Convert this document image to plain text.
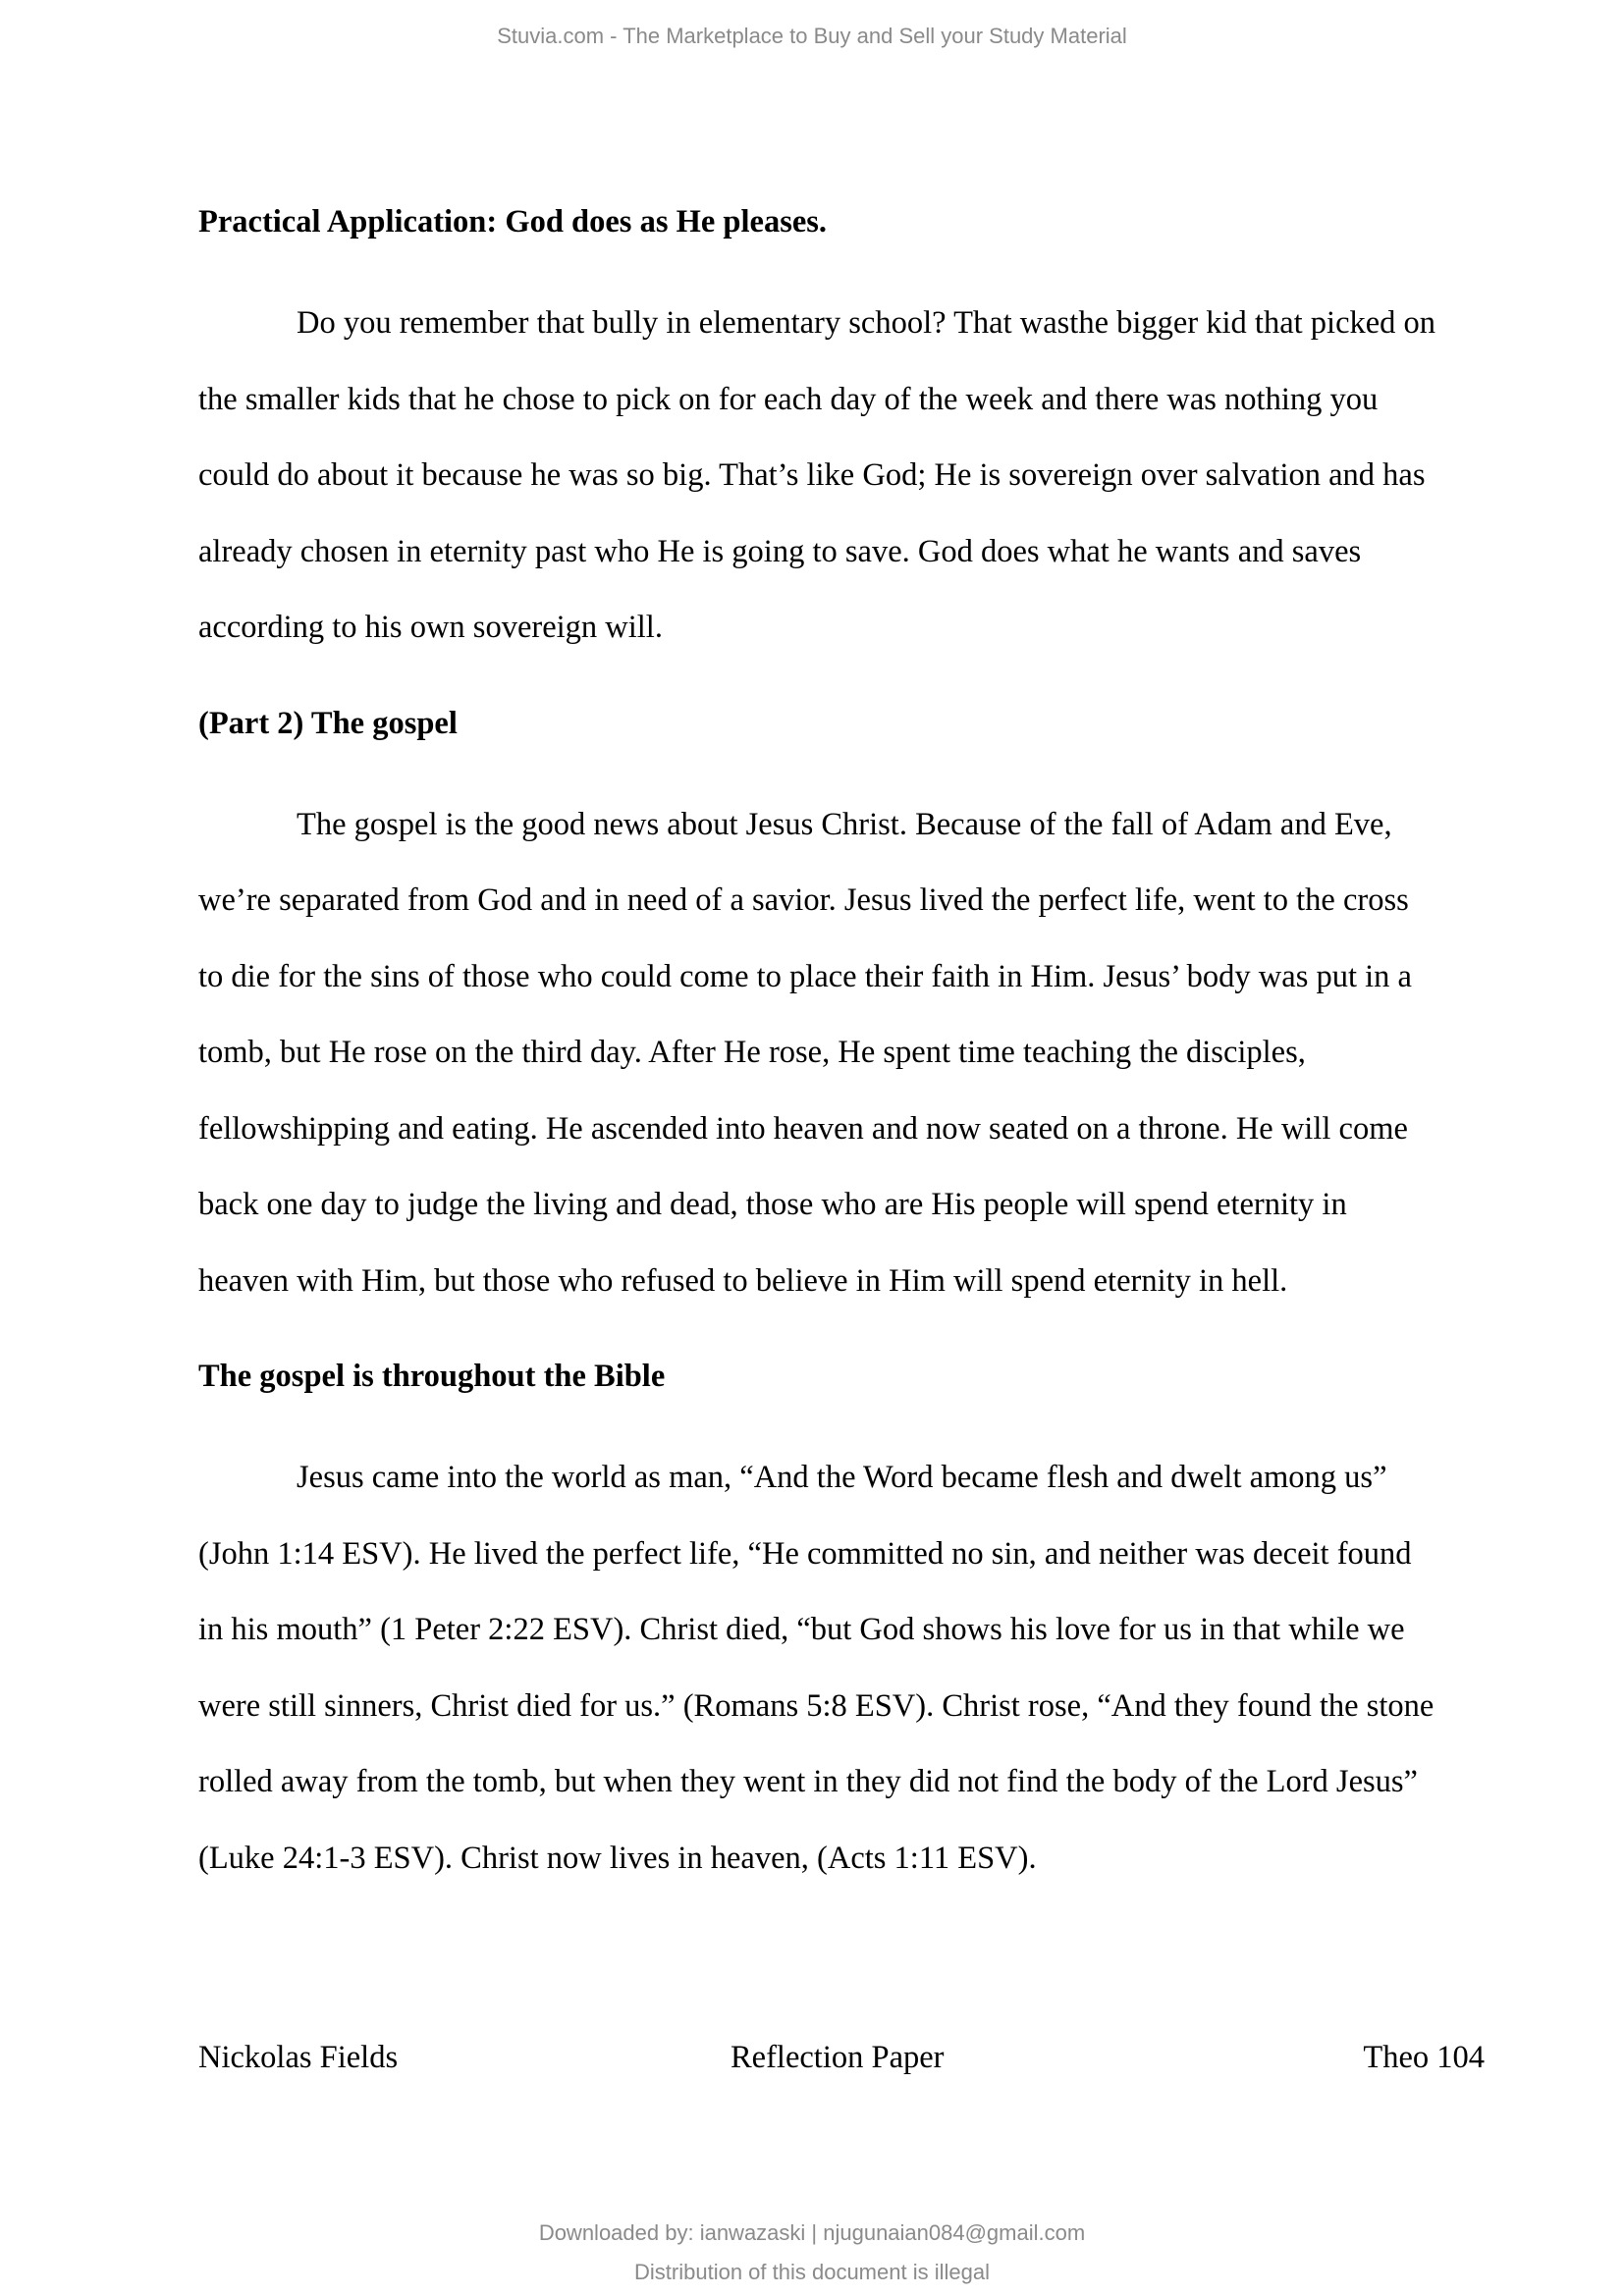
Stuvia.com - The Marketplace to Buy and Sell your Study Material
Practical Application: God does as He pleases.

Do you remember that bully in elementary school? That wasthe bigger kid that picked on
the smaller kids that he chose to pick on for each day of the week and there was nothing you
could do about it because he was so big. That’s like God; He is sovereign over salvation and has
already chosen in eternity past who He is going to save. God does what he wants and saves
according to his own sovereign will.

(Part 2) The gospel

The gospel is the good news about Jesus Christ. Because of the fall of Adam and Eve,
we’re separated from God and in need of a savior. Jesus lived the perfect life, went to the cross
to die for the sins of those who could come to place their faith in Him. Jesus’ body was put in a
tomb, but He rose on the third day. After He rose, He spent time teaching the disciples,
fellowshipping and eating. He ascended into heaven and now seated on a throne. He will come
back one day to judge the living and dead, those who are His people will spend eternity in
heaven with Him, but those who refused to believe in Him will spend eternity in hell.

The gospel is throughout the Bible

Jesus came into the world as man, “And the Word became flesh and dwelt among us”
(John 1:14 ESV). He lived the perfect life, “He committed no sin, and neither was deceit found
in his mouth” (1 Peter 2:22 ESV). Christ died, “but God shows his love for us in that while we
were still sinners, Christ died for us.” (Romans 5:8 ESV). Christ rose, “And they found the stone
rolled away from the tomb, but when they went in they did not find the body of the Lord Jesus”
(Luke 24:1-3 ESV). Christ now lives in heaven, (Acts 1:11 ESV).

Nickolas Fields	Reflection Paper	Theo 104
Downloaded by: ianwazaski | njugunaian084@gmail.com
Distribution of this document is illegal
